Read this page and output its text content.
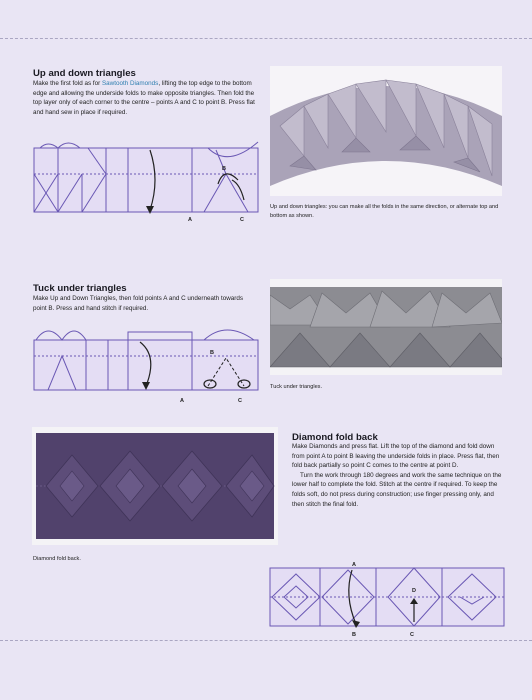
Up and down triangles
Make the first fold as for Sawtooth Diamonds, lifting the top edge to the bottom edge and allowing the underside folds to make opposite triangles. Then fold the top layer only of each corner to the centre – points A and C to point B. Press flat and hand sew in place if required.
B
A	C
Up and down triangles: you can make all the folds in the same direction, or alternate top and bottom as shown.
Tuck under triangles
Make Up and Down Triangles, then fold points A and C underneath towards point B. Press and hand stitch if required.
B
A	C
Tuck under triangles.
Diamond fold back.
Diamond fold back
Make Diamonds and press flat. Lift the top of the diamond and fold down from point A to point B leaving the underside folds in place. Press flat, then fold back partially so point C comes to the centre at point D.
Turn the work through 180 degrees and work the same technique on the lower half to complete the fold. Stitch at the centre if required. To keep the folds soft, do not press during construction; use finger pressing only, and then stitch the final fold.
A
B	C
D
